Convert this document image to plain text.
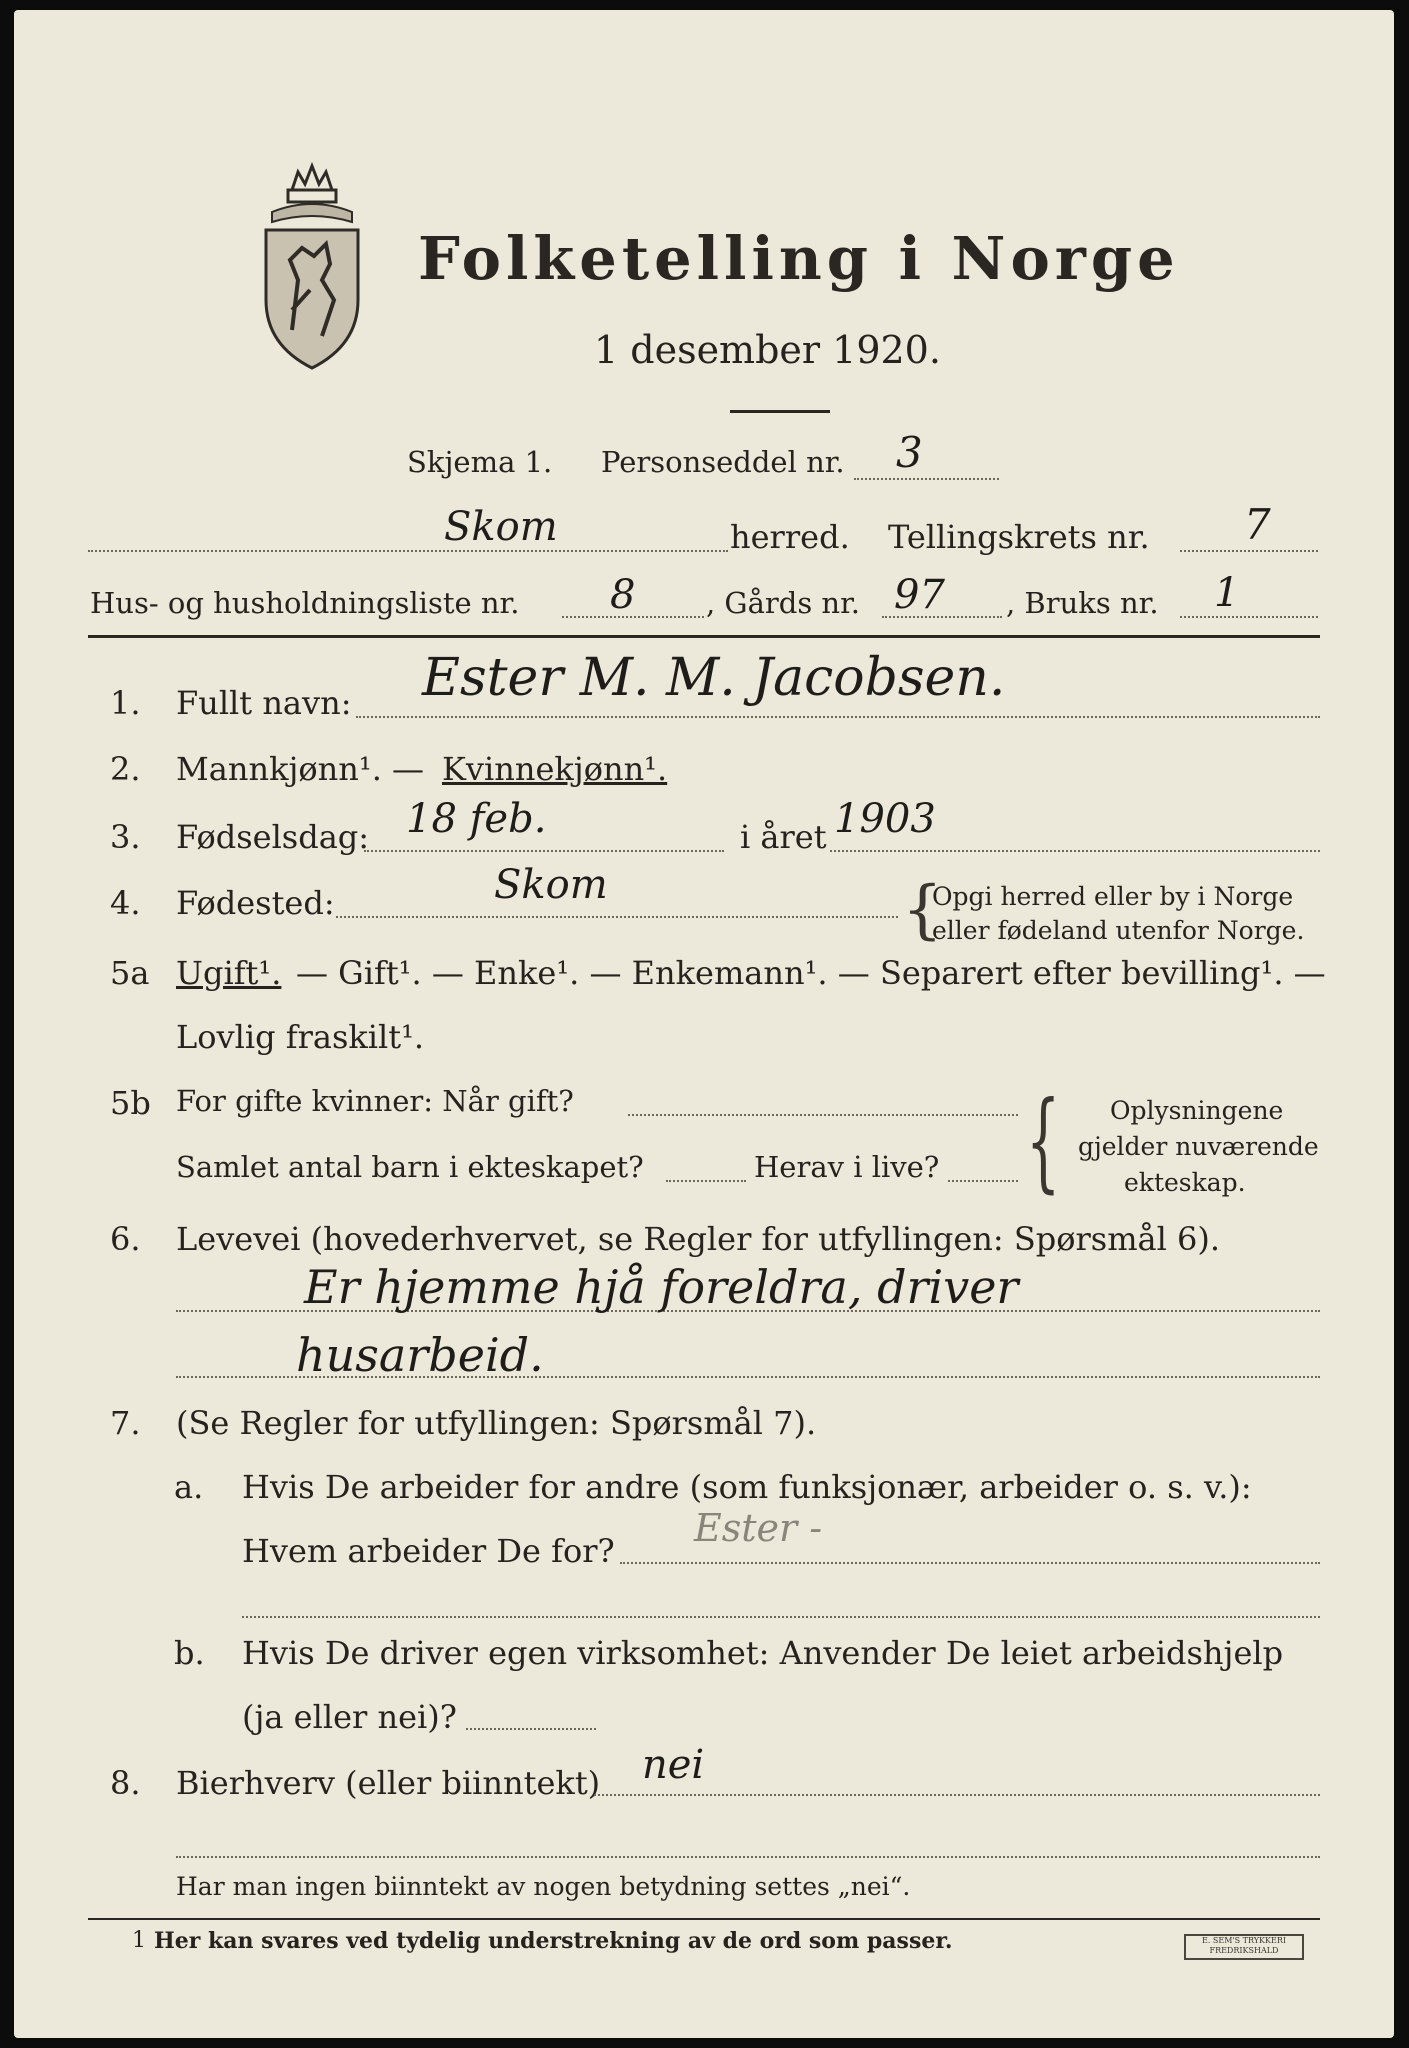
Folketelling i Norge
1 desember 1920.
Skjema 1. Personseddel nr. 3
Skom	herred. Tellingskrets nr. 7
Hus- og husholdningsliste nr. 8 , Gårds nr. 97 , Bruks nr. 1
1. Fullt navn: Ester M. M. Jacobsen.
2. Mannkjønn¹. — Kvinnekjønn¹.
3. Fødselsdag: 18 feb.	i året 1903
4. Fødested:	Skom	{
Opgi herred eller by i Norge
eller fødeland utenfor Norge.
5a Ugift¹. — Gift¹. — Enke¹. — Enkemann¹. — Separert efter bevilling¹. —
Lovlig fraskilt¹.
5b For gifte kvinner: Når gift?
Samlet antal barn i ekteskapet?	Herav i live? { Oplysningene
gjelder nuværende
ekteskap.
6. Levevei (hovederhvervet, se Regler for utfyllingen: Spørsmål 6).
Er hjemme hjå foreldra, driver
husarbeid.
7. (Se Regler for utfyllingen: Spørsmål 7).
a. Hvis De arbeider for andre (som funksjonær, arbeider o. s. v.):
Hvem arbeider De for?
Ester -
b. Hvis De driver egen virksomhet: Anvender De leiet arbeidshjelp
(ja eller nei)?
8. Bierhverv (eller biinntekt) nei
Har man ingen biinntekt av nogen betydning settes „nei“.
1 Her kan svares ved tydelig understrekning av de ord som passer.	E. SEM'S TRYKKERI FREDRIKSHALD
